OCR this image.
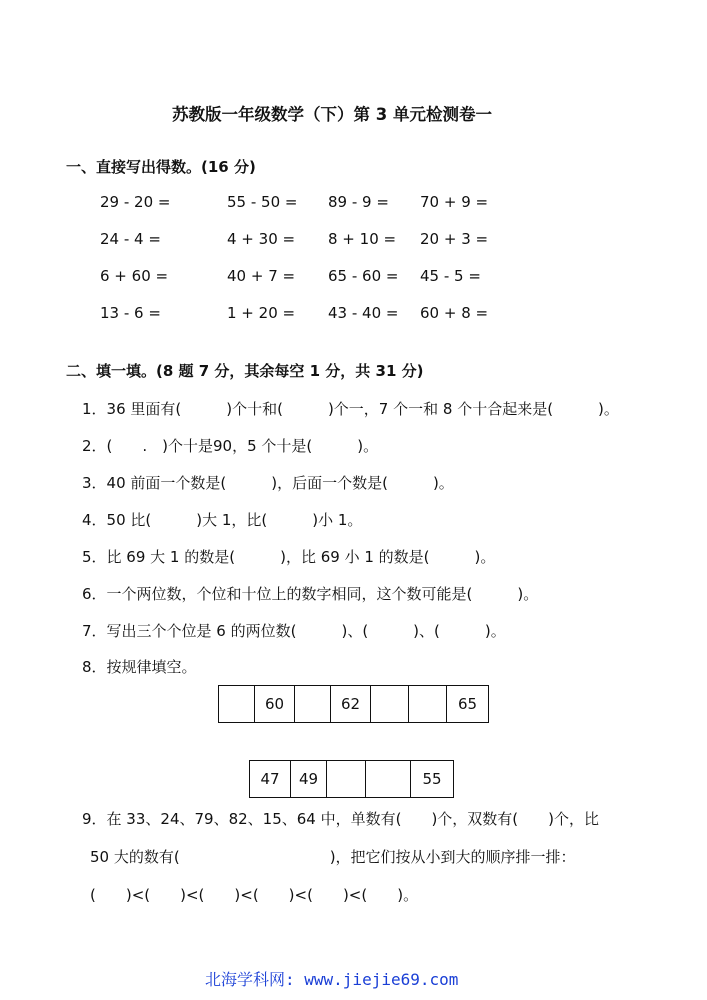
苏教版一年级数学（下）第 3 单元检测卷一
一、直接写出得数。(16 分)
29 - 20 =	55 - 50 = 89 - 9 = 70 + 9 =
24 - 4 =	4 + 30 = 8 + 10 = 20 + 3 =
6 + 60 =	40 + 7 = 65 - 60 = 45 - 5 =
13 - 6 =	1 + 20 = 43 - 40 = 60 + 8 =
二、填一填。(8 题 7 分，其余每空 1 分，共 31 分)
1．36 里面有(　　　)个十和(　　　)个一，7 个一和 8 个十合起来是(　　　)。
2．(　　.　)个十是90，5 个十是(　　　)。
3．40 前面一个数是(　　　)，后面一个数是(　　　)。
4．50 比(　　　)大 1，比(　　　)小 1。
5．比 69 大 1 的数是(　　　)，比 69 小 1 的数是(　　　)。
6．一个两位数，个位和十位上的数字相同，这个数可能是(　　　)。
7．写出三个个位是 6 的两位数(　　　)、(　　　)、(　　　)。
8．按规律填空。
	60		62			65
47	49			55
9．在 33、24、79、82、15、64 中，单数有(　　)个，双数有(　　)个，比
50 大的数有(　　　　　　　　　　)，把它们按从小到大的顺序排一排：
(　　)<(　　)<(　　)<(　　)<(　　)<(　　)。
北海学科网: www.jiejie69.com
